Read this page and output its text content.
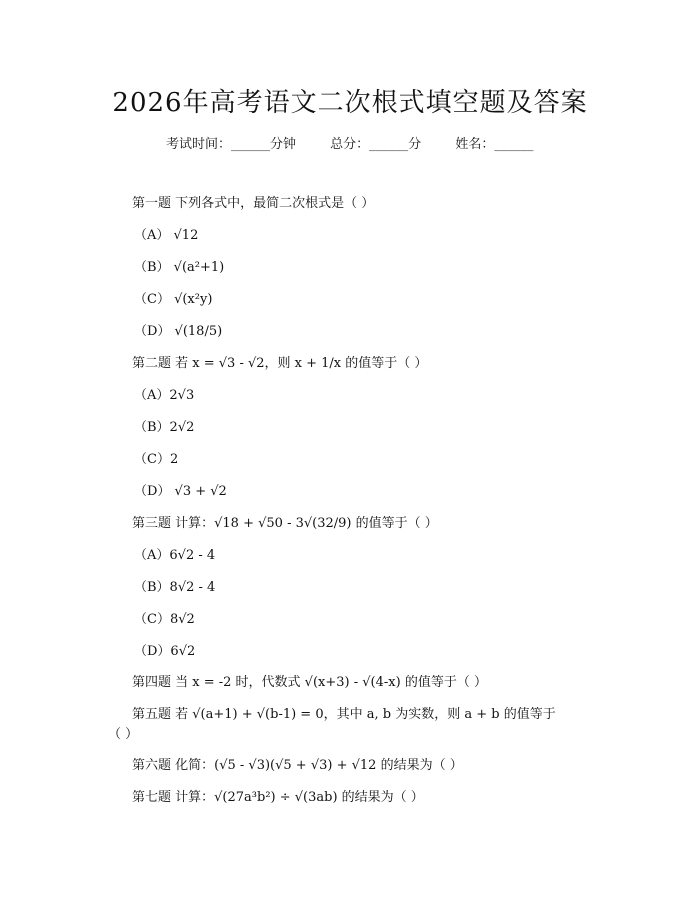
2026年高考语文二次根式填空题及答案
考试时间：______分钟	总分：______分	姓名：______
第一题 下列各式中，最简二次根式是（ ）
（A） √12
（B） √(a²+1)
（C） √(x²y)
（D） √(18/5)
第二题 若 x = √3 - √2，则 x + 1/x 的值等于（ ）
（A）2√3
（B）2√2
（C）2
（D） √3 + √2
第三题 计算：√18 + √50 - 3√(32/9) 的值等于（ ）
（A）6√2 - 4
（B）8√2 - 4
（C）8√2
（D）6√2
第四题 当 x = -2 时，代数式 √(x+3) - √(4-x) 的值等于（ ）
第五题 若 √(a+1) + √(b-1) = 0，其中 a, b 为实数，则 a + b 的值等于
（ ）
第六题 化简：(√5 - √3)(√5 + √3) + √12 的结果为（ ）
第七题 计算：√(27a³b²) ÷ √(3ab) 的结果为（ ）
